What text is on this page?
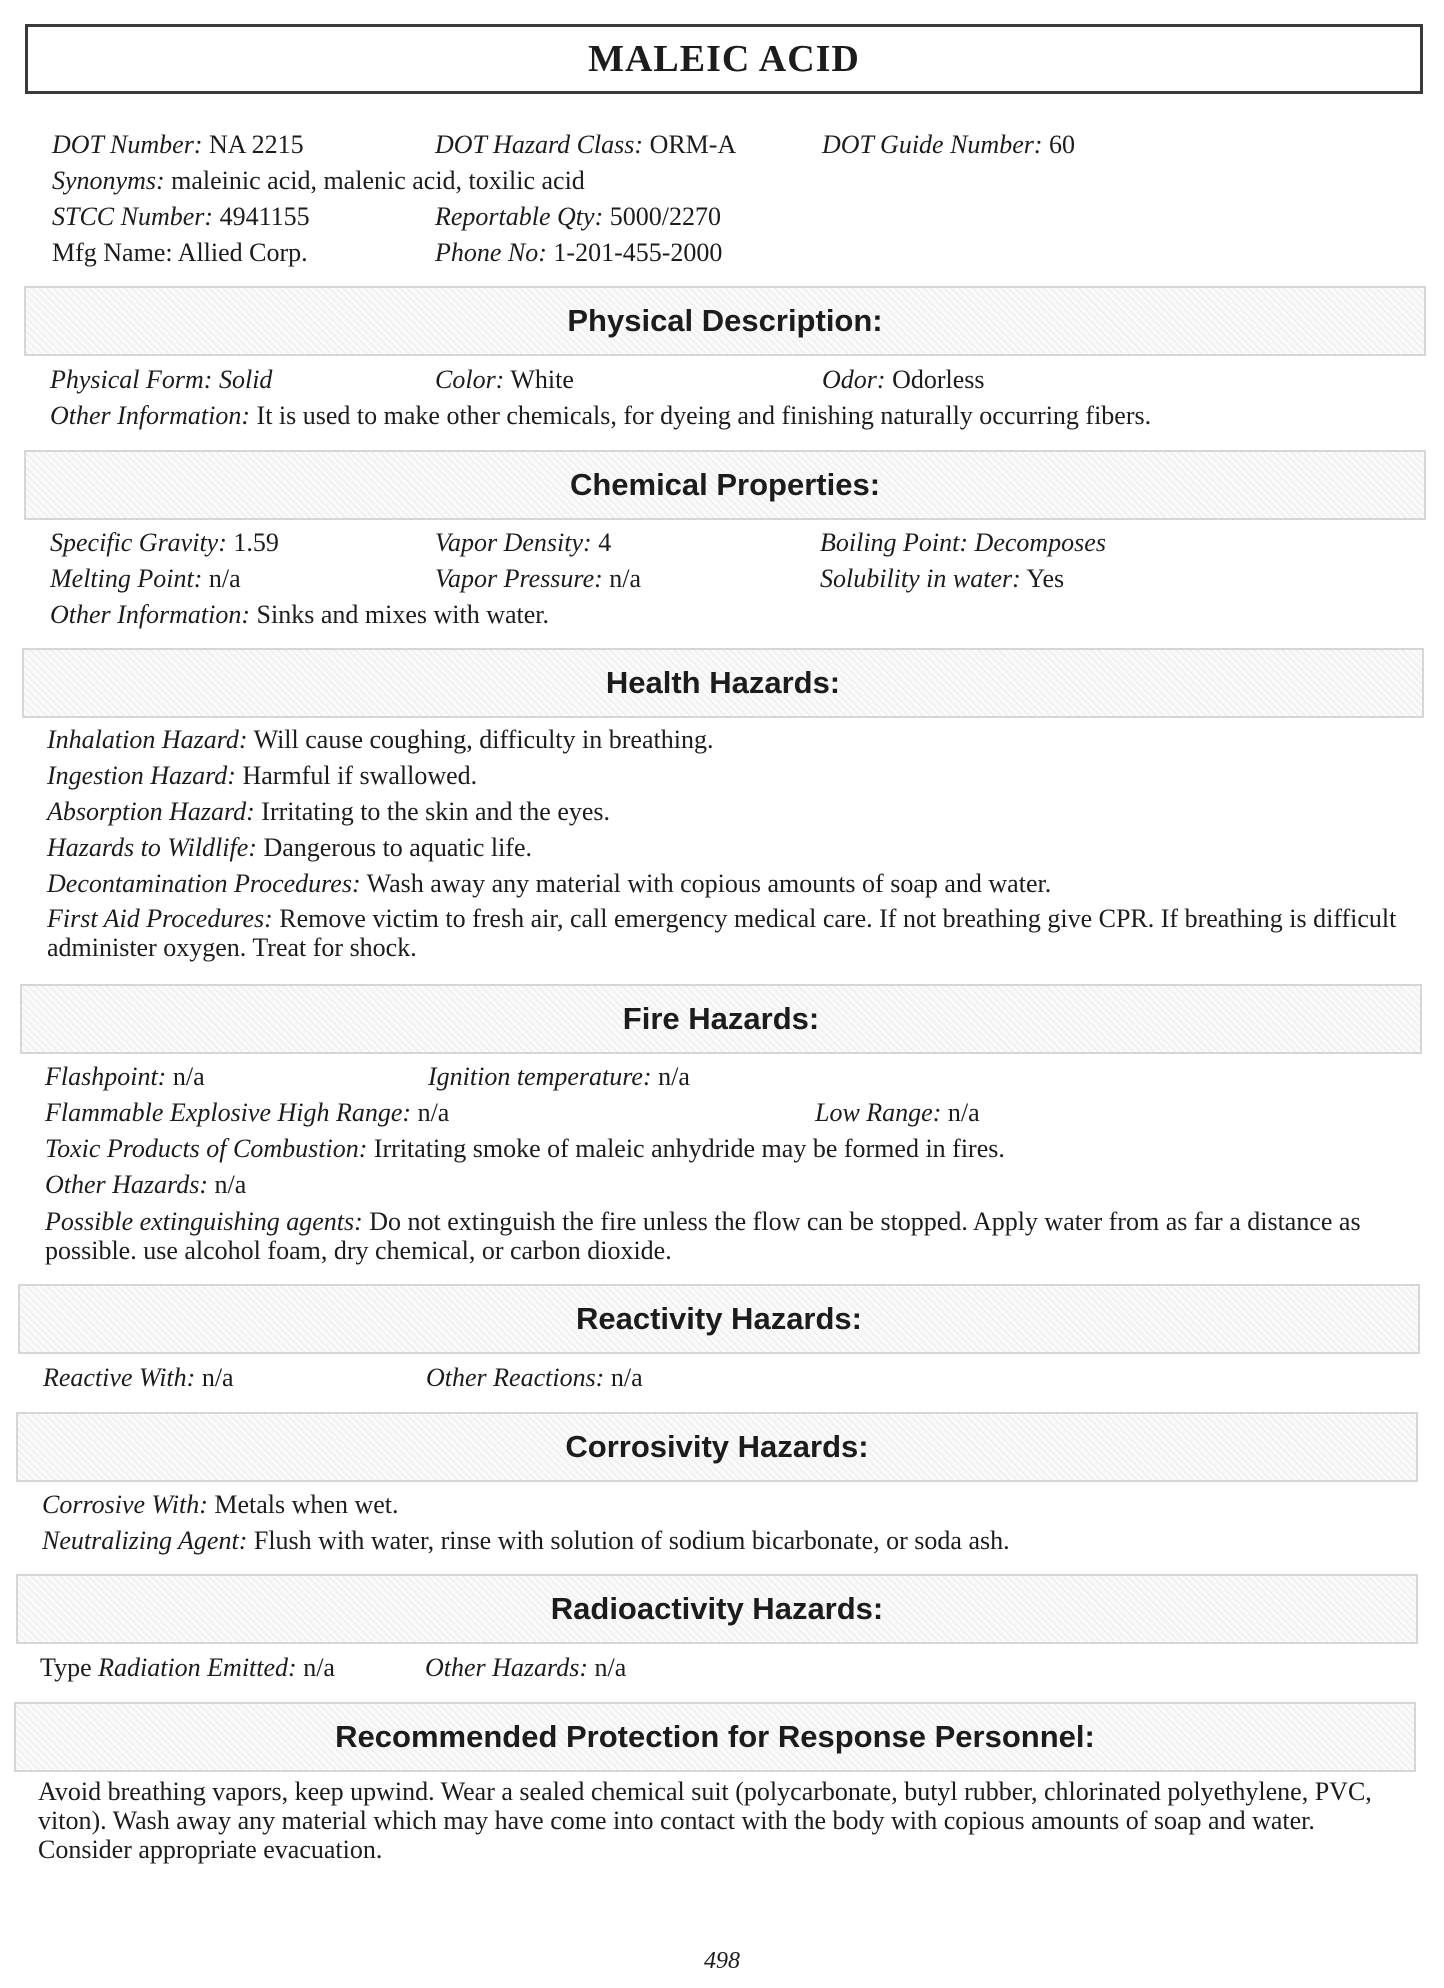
MALEIC ACID
DOT Number: NA 2215	DOT Hazard Class: ORM-A	DOT Guide Number: 60
Synonyms: maleinic acid, malenic acid, toxilic acid
STCC Number: 4941155	Reportable Qty: 5000/2270
Mfg Name: Allied Corp.	Phone No: 1-201-455-2000
Physical Description:
Physical Form: Solid	Color: White	Odor: Odorless
Other Information: It is used to make other chemicals, for dyeing and finishing naturally occurring fibers.
Chemical Properties:
Specific Gravity: 1.59	Vapor Density: 4	Boiling Point: Decomposes
Melting Point: n/a	Vapor Pressure: n/a	Solubility in water: Yes
Other Information: Sinks and mixes with water.
Health Hazards:
Inhalation Hazard: Will cause coughing, difficulty in breathing.
Ingestion Hazard: Harmful if swallowed.
Absorption Hazard: Irritating to the skin and the eyes.
Hazards to Wildlife: Dangerous to aquatic life.
Decontamination Procedures: Wash away any material with copious amounts of soap and water.
First Aid Procedures: Remove victim to fresh air, call emergency medical care. If not breathing give CPR. If breathing is difficult administer oxygen. Treat for shock.
Fire Hazards:
Flashpoint: n/a	Ignition temperature: n/a
Flammable Explosive High Range: n/a	Low Range: n/a
Toxic Products of Combustion: Irritating smoke of maleic anhydride may be formed in fires.
Other Hazards: n/a
Possible extinguishing agents: Do not extinguish the fire unless the flow can be stopped. Apply water from as far a distance as possible. use alcohol foam, dry chemical, or carbon dioxide.
Reactivity Hazards:
Reactive With: n/a	Other Reactions: n/a
Corrosivity Hazards:
Corrosive With: Metals when wet.
Neutralizing Agent: Flush with water, rinse with solution of sodium bicarbonate, or soda ash.
Radioactivity Hazards:
Type Radiation Emitted: n/a	Other Hazards: n/a
Recommended Protection for Response Personnel:
Avoid breathing vapors, keep upwind. Wear a sealed chemical suit (polycarbonate, butyl rubber, chlorinated polyethylene, PVC, viton). Wash away any material which may have come into contact with the body with copious amounts of soap and water. Consider appropriate evacuation.
498
